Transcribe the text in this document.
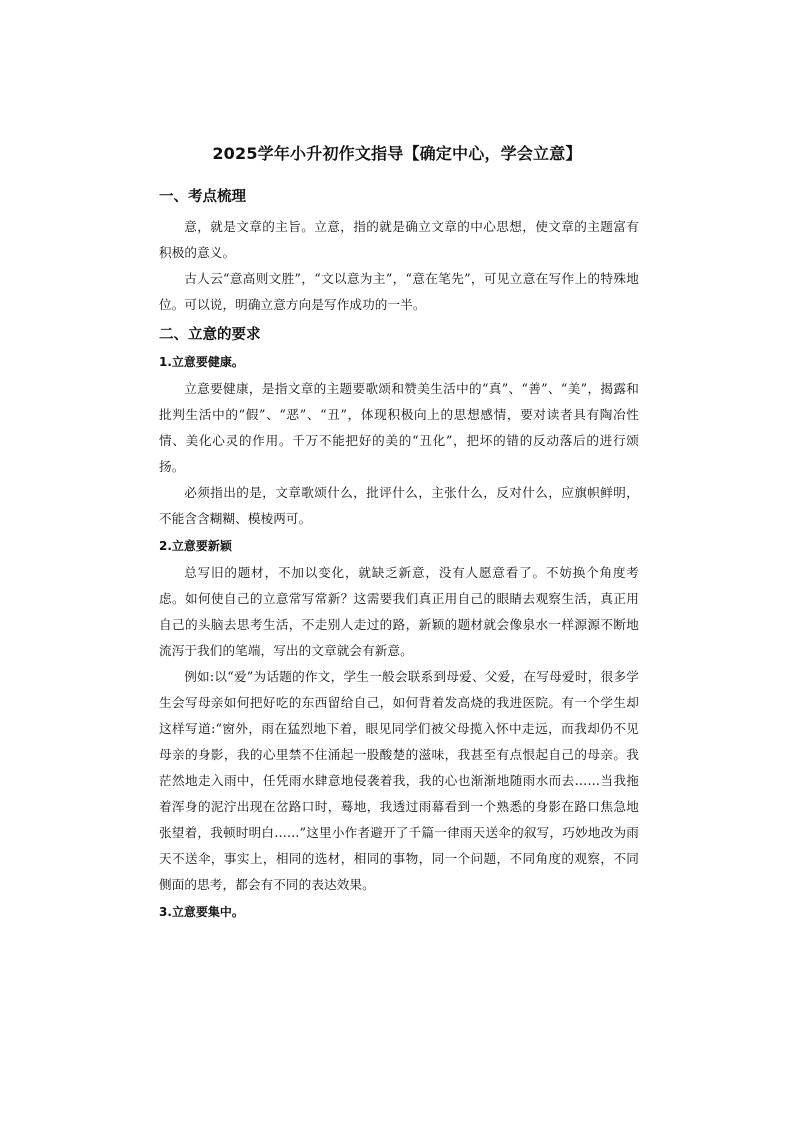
2025学年小升初作文指导【确定中心，学会立意】
一、考点梳理

意，就是文章的主旨。立意，指的就是确立文章的中心思想，使文章的主题富有积极的意义。

古人云“意高则文胜”，“文以意为主”，“意在笔先”，可见立意在写作上的特殊地位。可以说，明确立意方向是写作成功的一半。

二、立意的要求
1.立意要健康。

立意要健康，是指文章的主题要歌颂和赞美生活中的“真”、“善”、“美”，揭露和批判生活中的“假”、“恶”、“丑”，体现积极向上的思想感情，要对读者具有陶冶性情、美化心灵的作用。千万不能把好的美的“丑化”，把坏的错的反动落后的进行颂扬。

必须指出的是，文章歌颂什么，批评什么，主张什么，反对什么，应旗帜鲜明，不能含含糊糊、模棱两可。

2.立意要新颖

总写旧的题材，不加以变化，就缺乏新意，没有人愿意看了。不妨换个角度考虑。如何使自己的立意常写常新？这需要我们真正用自己的眼睛去观察生活，真正用自己的头脑去思考生活，不走别人走过的路，新颖的题材就会像泉水一样源源不断地流泻于我们的笔端，写出的文章就会有新意。

例如:以“爱”为话题的作文，学生一般会联系到母爱、父爱，在写母爱时，很多学生会写母亲如何把好吃的东西留给自己，如何背着发高烧的我进医院。有一个学生却这样写道:“窗外，雨在猛烈地下着，眼见同学们被父母揽入怀中走远，而我却仍不见母亲的身影，我的心里禁不住涌起一股酸楚的滋味，我甚至有点恨起自己的母亲。我茫然地走入雨中，任凭雨水肆意地侵袭着我，我的心也渐渐地随雨水而去……当我拖着浑身的泥泞出现在岔路口时，蓦地，我透过雨幕看到一个熟悉的身影在路口焦急地张望着，我顿时明白……”这里小作者避开了千篇一律雨天送伞的叙写，巧妙地改为雨天不送伞，事实上，相同的选材，相同的事物，同一个问题，不同角度的观察，不同侧面的思考，都会有不同的表达效果。

3.立意要集中。
